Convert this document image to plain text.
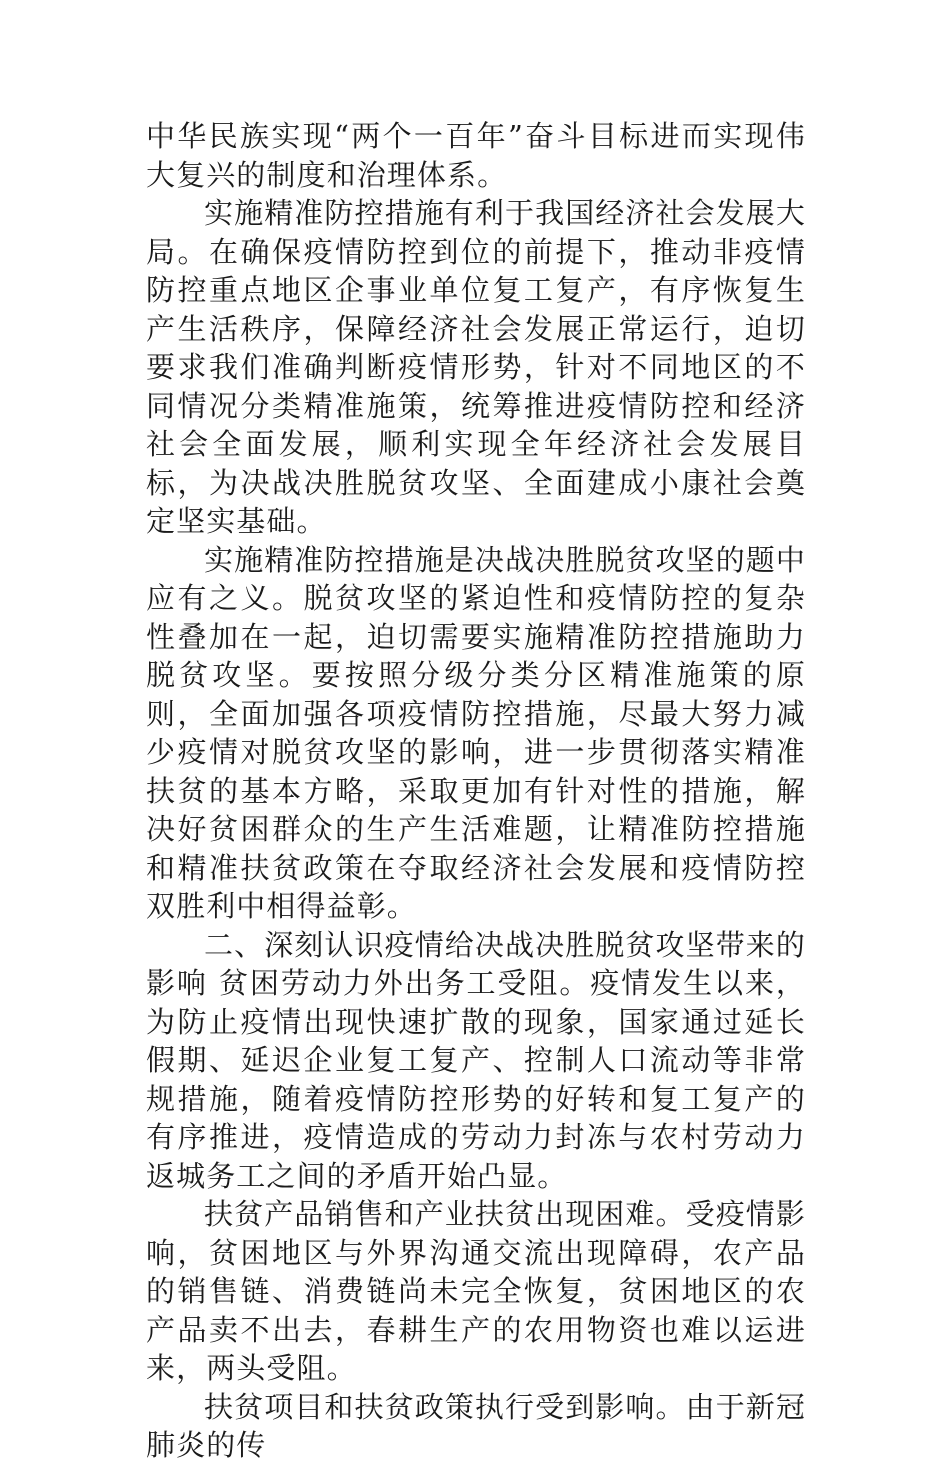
中华民族实现“两个一百年”奋斗目标进而实现伟大复兴的制度和治理体系。

实施精准防控措施有利于我国经济社会发展大局。在确保疫情防控到位的前提下，推动非疫情防控重点地区企事业单位复工复产，有序恢复生产生活秩序，保障经济社会发展正常运行，迫切要求我们准确判断疫情形势，针对不同地区的不同情况分类精准施策，统筹推进疫情防控和经济社会全面发展，顺利实现全年经济社会发展目标，为决战决胜脱贫攻坚、全面建成小康社会奠定坚实基础。

实施精准防控措施是决战决胜脱贫攻坚的题中应有之义。脱贫攻坚的紧迫性和疫情防控的复杂性叠加在一起，迫切需要实施精准防控措施助力脱贫攻坚。要按照分级分类分区精准施策的原则，全面加强各项疫情防控措施，尽最大努力减少疫情对脱贫攻坚的影响，进一步贯彻落实精准扶贫的基本方略，采取更加有针对性的措施，解决好贫困群众的生产生活难题，让精准防控措施和精准扶贫政策在夺取经济社会发展和疫情防控双胜利中相得益彰。

二、深刻认识疫情给决战决胜脱贫攻坚带来的影响 贫困劳动力外出务工受阻。疫情发生以来，为防止疫情出现快速扩散的现象，国家通过延长假期、延迟企业复工复产、控制人口流动等非常规措施，随着疫情防控形势的好转和复工复产的有序推进，疫情造成的劳动力封冻与农村劳动力返城务工之间的矛盾开始凸显。

扶贫产品销售和产业扶贫出现困难。受疫情影响，贫困地区与外界沟通交流出现障碍，农产品的销售链、消费链尚未完全恢复，贫困地区的农产品卖不出去，春耕生产的农用物资也难以运进来，两头受阻。

扶贫项目和扶贫政策执行受到影响。由于新冠肺炎的传
